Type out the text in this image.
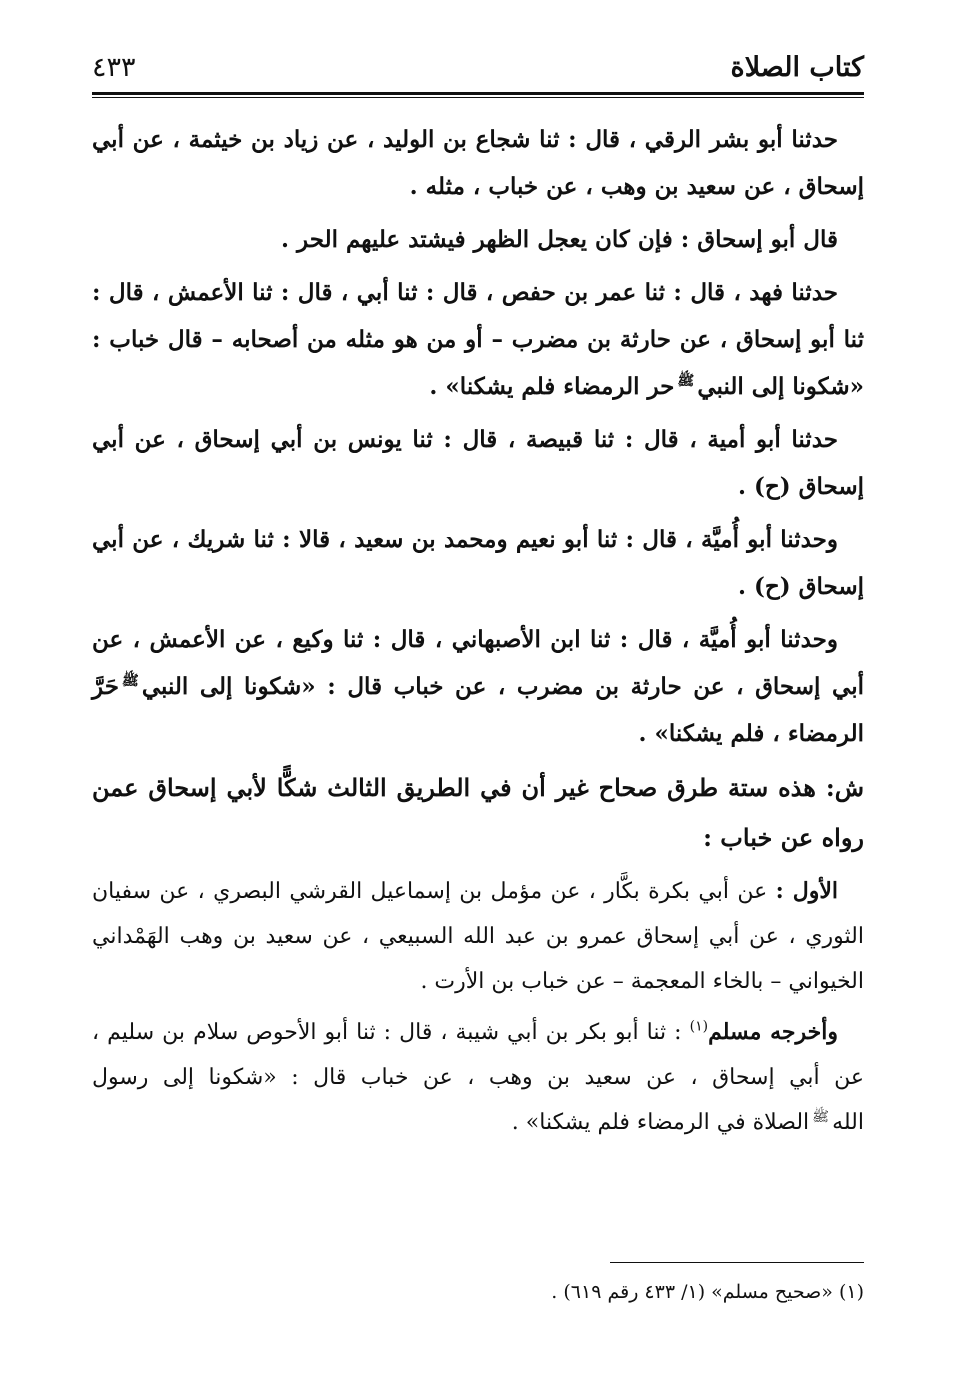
كتاب الصلاة
٤٣٣

حدثنا أبو بشر الرقي ، قال : ثنا شجاع بن الوليد ، عن زياد بن خيثمة ، عن أبي إسحاق ، عن سعيد بن وهب ، عن خباب ، مثله .

قال أبو إسحاق : فإن كان يعجل الظهر فيشتد عليهم الحر .

حدثنا فهد ، قال : ثنا عمر بن حفص ، قال : ثنا أبي ، قال : ثنا الأعمش ، قال : ثنا أبو إسحاق ، عن حارثة بن مضرب – أو من هو مثله من أصحابه – قال خباب : «شكونا إلى النبي$^ﷺ$حر الرمضاء فلم يشكنا» .

حدثنا أبو أمية ، قال : ثنا قبيصة ، قال : ثنا يونس بن أبي إسحاق ، عن أبي إسحاق (ح) .

وحدثنا أبو أُميَّة ، قال : ثنا أبو نعيم ومحمد بن سعيد ، قالا : ثنا شريك ، عن أبي إسحاق (ح) .

وحدثنا أبو أُميَّة ، قال : ثنا ابن الأصبهاني ، قال : ثنا وكيع ، عن الأعمش ، عن أبي إسحاق ، عن حارثة بن مضرب ، عن خباب قال : «شكونا إلى النبي$^ﷺ$حَرَّ الرمضاء ، فلم يشكنا» .

ش: هذه ستة طرق صحاح غير أن في الطريق الثالث شكًّا لأبي إسحاق عمن رواه عن خباب :

الأول : عن أبي بكرة بكَّار ، عن مؤمل بن إسماعيل القرشي البصري ، عن سفيان الثوري ، عن أبي إسحاق عمرو بن عبد الله السبيعي ، عن سعيد بن وهب الهَمْداني الخيواني – بالخاء المعجمة – عن خباب بن الأرت .

وأخرجه مسلم$^{(١)}$ : ثنا أبو بكر بن أبي شيبة ، قال : ثنا أبو الأحوص سلام بن سليم ، عن أبي إسحاق ، عن سعيد بن وهب ، عن خباب قال : «شكونا إلى رسول الله$^ﷺ$الصلاة في الرمضاء فلم يشكنا» .

(١) «صحيح مسلم» (١/ ٤٣٣ رقم ٦١٩) .
